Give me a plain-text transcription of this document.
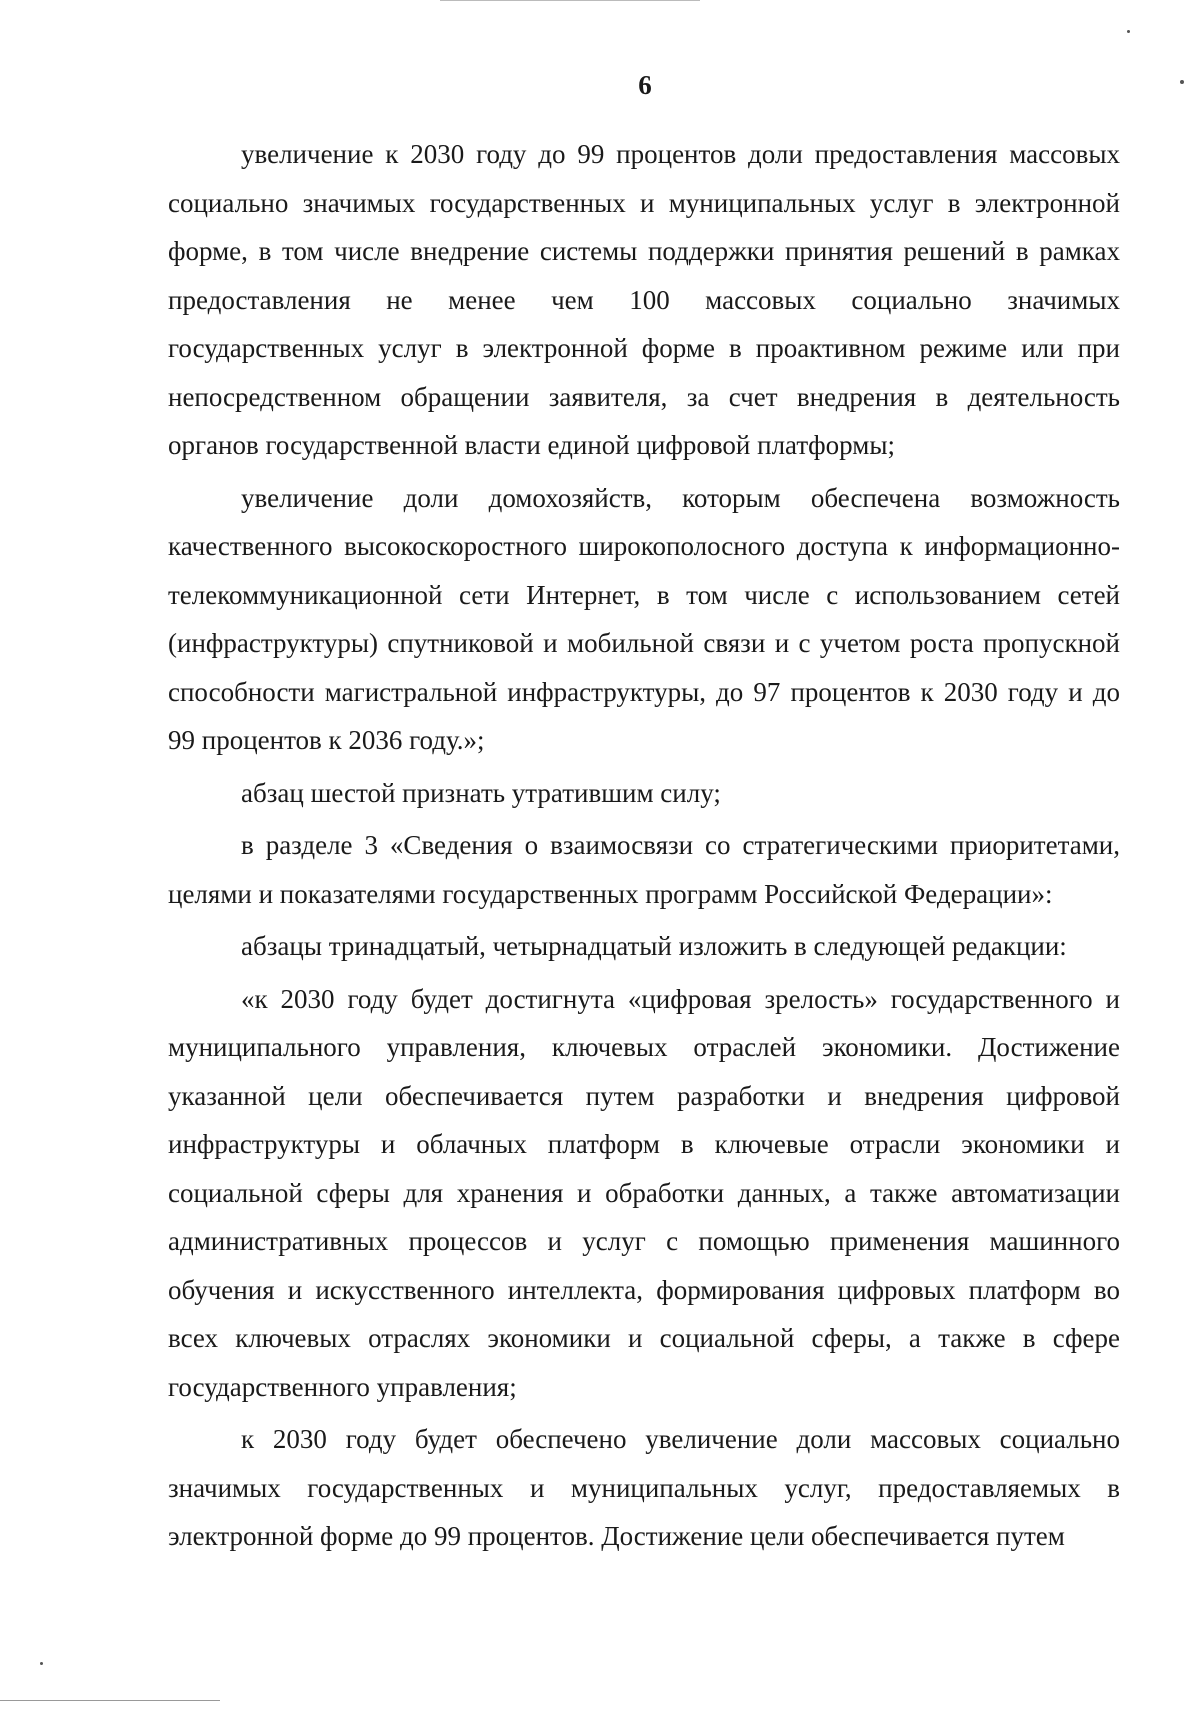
6

увеличение к 2030 году до 99 процентов доли предоставления массовых социально значимых государственных и муниципальных услуг в электронной форме, в том числе внедрение системы поддержки принятия решений в рамках предоставления не менее чем 100 массовых социально значимых государственных услуг в электронной форме в проактивном режиме или при непосредственном обращении заявителя, за счет внедрения в деятельность органов государственной власти единой цифровой платформы;

увеличение доли домохозяйств, которым обеспечена возможность качественного высокоскоростного широкополосного доступа к информационно-телекоммуникационной сети Интернет, в том числе с использованием сетей (инфраструктуры) спутниковой и мобильной связи и с учетом роста пропускной способности магистральной инфраструктуры, до 97 процентов к 2030 году и до 99 процентов к 2036 году.»;

абзац шестой признать утратившим силу;

в разделе 3 «Сведения о взаимосвязи со стратегическими приоритетами, целями и показателями государственных программ Российской Федерации»:

абзацы тринадцатый, четырнадцатый изложить в следующей редакции:

«к 2030 году будет достигнута «цифровая зрелость» государственного и муниципального управления, ключевых отраслей экономики. Достижение указанной цели обеспечивается путем разработки и внедрения цифровой инфраструктуры и облачных платформ в ключевые отрасли экономики и социальной сферы для хранения и обработки данных, а также автоматизации административных процессов и услуг с помощью применения машинного обучения и искусственного интеллекта, формирования цифровых платформ во всех ключевых отраслях экономики и социальной сферы, а также в сфере государственного управления;

к 2030 году будет обеспечено увеличение доли массовых социально значимых государственных и муниципальных услуг, предоставляемых в электронной форме до 99 процентов. Достижение цели обеспечивается путем
